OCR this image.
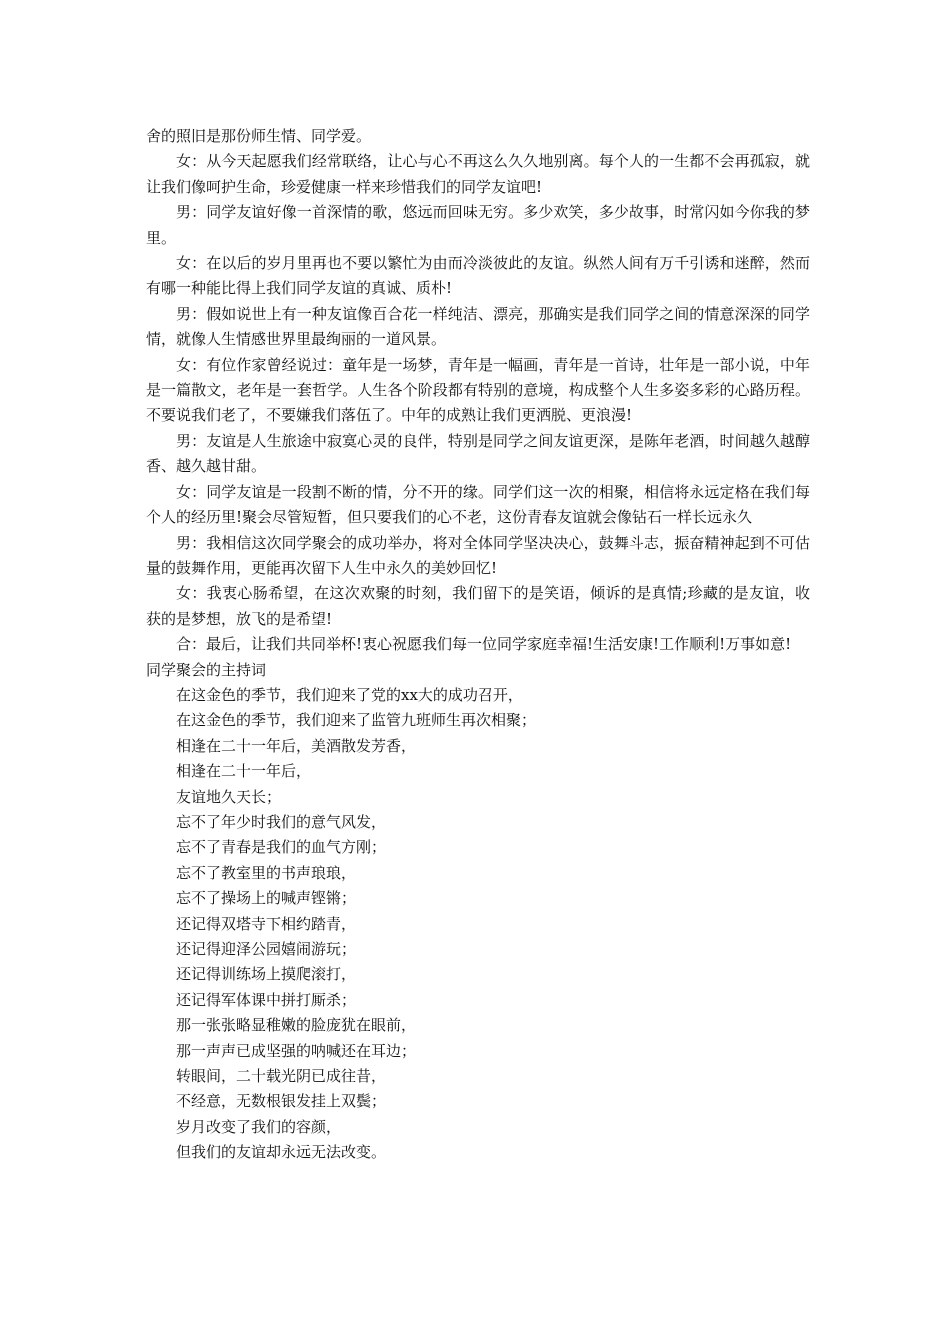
舍的照旧是那份师生情、同学爱。

女：从今天起愿我们经常联络，让心与心不再这么久久地别离。每个人的一生都不会再孤寂，就让我们像呵护生命，珍爱健康一样来珍惜我们的同学友谊吧!

男：同学友谊好像一首深情的歌，悠远而回味无穷。多少欢笑，多少故事，时常闪如今你我的梦里。

女：在以后的岁月里再也不要以繁忙为由而冷淡彼此的友谊。纵然人间有万千引诱和迷醉，然而有哪一种能比得上我们同学友谊的真诚、质朴!

男：假如说世上有一种友谊像百合花一样纯洁、漂亮，那确实是我们同学之间的情意深深的同学情，就像人生情感世界里最绚丽的一道风景。

女：有位作家曾经说过：童年是一场梦，青年是一幅画，青年是一首诗，壮年是一部小说，中年是一篇散文，老年是一套哲学。人生各个阶段都有特别的意境，构成整个人生多姿多彩的心路历程。不要说我们老了，不要嫌我们落伍了。中年的成熟让我们更洒脱、更浪漫!

男：友谊是人生旅途中寂寞心灵的良伴，特别是同学之间友谊更深，是陈年老酒，时间越久越醇香、越久越甘甜。

女：同学友谊是一段割不断的情，分不开的缘。同学们这一次的相聚，相信将永远定格在我们每个人的经历里!聚会尽管短暂，但只要我们的心不老，这份青春友谊就会像钻石一样长远永久

男：我相信这次同学聚会的成功举办，将对全体同学坚决决心，鼓舞斗志，振奋精神起到不可估量的鼓舞作用，更能再次留下人生中永久的美妙回忆!

女：我衷心肠希望，在这次欢聚的时刻，我们留下的是笑语，倾诉的是真情;珍藏的是友谊，收获的是梦想，放飞的是希望!

合：最后，让我们共同举杯!衷心祝愿我们每一位同学家庭幸福!生活安康!工作顺利!万事如意!

同学聚会的主持词

在这金色的季节，我们迎来了党的xx大的成功召开，

在这金色的季节，我们迎来了监管九班师生再次相聚；

相逢在二十一年后，美酒散发芳香，

相逢在二十一年后，

友谊地久天长；

忘不了年少时我们的意气风发，

忘不了青春是我们的血气方刚；

忘不了教室里的书声琅琅，

忘不了操场上的喊声铿锵；

还记得双塔寺下相约踏青，

还记得迎泽公园嬉闹游玩；

还记得训练场上摸爬滚打，

还记得军体课中拼打厮杀；

那一张张略显稚嫩的脸庞犹在眼前，

那一声声已成坚强的呐喊还在耳边；

转眼间，二十载光阴已成往昔，

不经意，无数根银发挂上双鬓；

岁月改变了我们的容颜，

但我们的友谊却永远无法改变。
